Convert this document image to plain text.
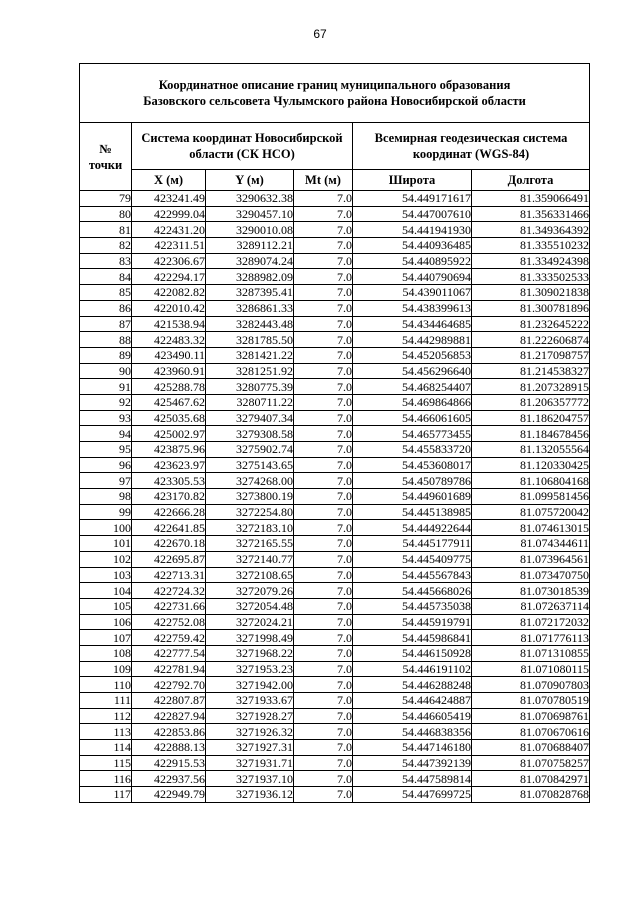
67
Координатное описание границ муниципального образования
Базовского сельсовета Чулымского района Новосибирской области					

№
точки	Система координат Новосибирской
области (СК НСО)			Всемирная геодезическая система
координат (WGS-84)	

	X (м)	Y (м)	Mt (м)	Широта	Долгота
79	423241.49	3290632.38	7.0	54.449171617	81.359066491
80	422999.04	3290457.10	7.0	54.447007610	81.356331466
81	422431.20	3290010.08	7.0	54.441941930	81.349364392
82	422311.51	3289112.21	7.0	54.440936485	81.335510232
83	422306.67	3289074.24	7.0	54.440895922	81.334924398
84	422294.17	3288982.09	7.0	54.440790694	81.333502533
85	422082.82	3287395.41	7.0	54.439011067	81.309021838
86	422010.42	3286861.33	7.0	54.438399613	81.300781896
87	421538.94	3282443.48	7.0	54.434464685	81.232645222
88	422483.32	3281785.50	7.0	54.442989881	81.222606874
89	423490.11	3281421.22	7.0	54.452056853	81.217098757
90	423960.91	3281251.92	7.0	54.456296640	81.214538327
91	425288.78	3280775.39	7.0	54.468254407	81.207328915
92	425467.62	3280711.22	7.0	54.469864866	81.206357772
93	425035.68	3279407.34	7.0	54.466061605	81.186204757
94	425002.97	3279308.58	7.0	54.465773455	81.184678456
95	423875.96	3275902.74	7.0	54.455833720	81.132055564
96	423623.97	3275143.65	7.0	54.453608017	81.120330425
97	423305.53	3274268.00	7.0	54.450789786	81.106804168
98	423170.82	3273800.19	7.0	54.449601689	81.099581456
99	422666.28	3272254.80	7.0	54.445138985	81.075720042
100	422641.85	3272183.10	7.0	54.444922644	81.074613015
101	422670.18	3272165.55	7.0	54.445177911	81.074344611
102	422695.87	3272140.77	7.0	54.445409775	81.073964561
103	422713.31	3272108.65	7.0	54.445567843	81.073470750
104	422724.32	3272079.26	7.0	54.445668026	81.073018539
105	422731.66	3272054.48	7.0	54.445735038	81.072637114
106	422752.08	3272024.21	7.0	54.445919791	81.072172032
107	422759.42	3271998.49	7.0	54.445986841	81.071776113
108	422777.54	3271968.22	7.0	54.446150928	81.071310855
109	422781.94	3271953.23	7.0	54.446191102	81.071080115
110	422792.70	3271942.00	7.0	54.446288248	81.070907803
111	422807.87	3271933.67	7.0	54.446424887	81.070780519
112	422827.94	3271928.27	7.0	54.446605419	81.070698761
113	422853.86	3271926.32	7.0	54.446838356	81.070670616
114	422888.13	3271927.31	7.0	54.447146180	81.070688407
115	422915.53	3271931.71	7.0	54.447392139	81.070758257
116	422937.56	3271937.10	7.0	54.447589814	81.070842971
117	422949.79	3271936.12	7.0	54.447699725	81.070828768
